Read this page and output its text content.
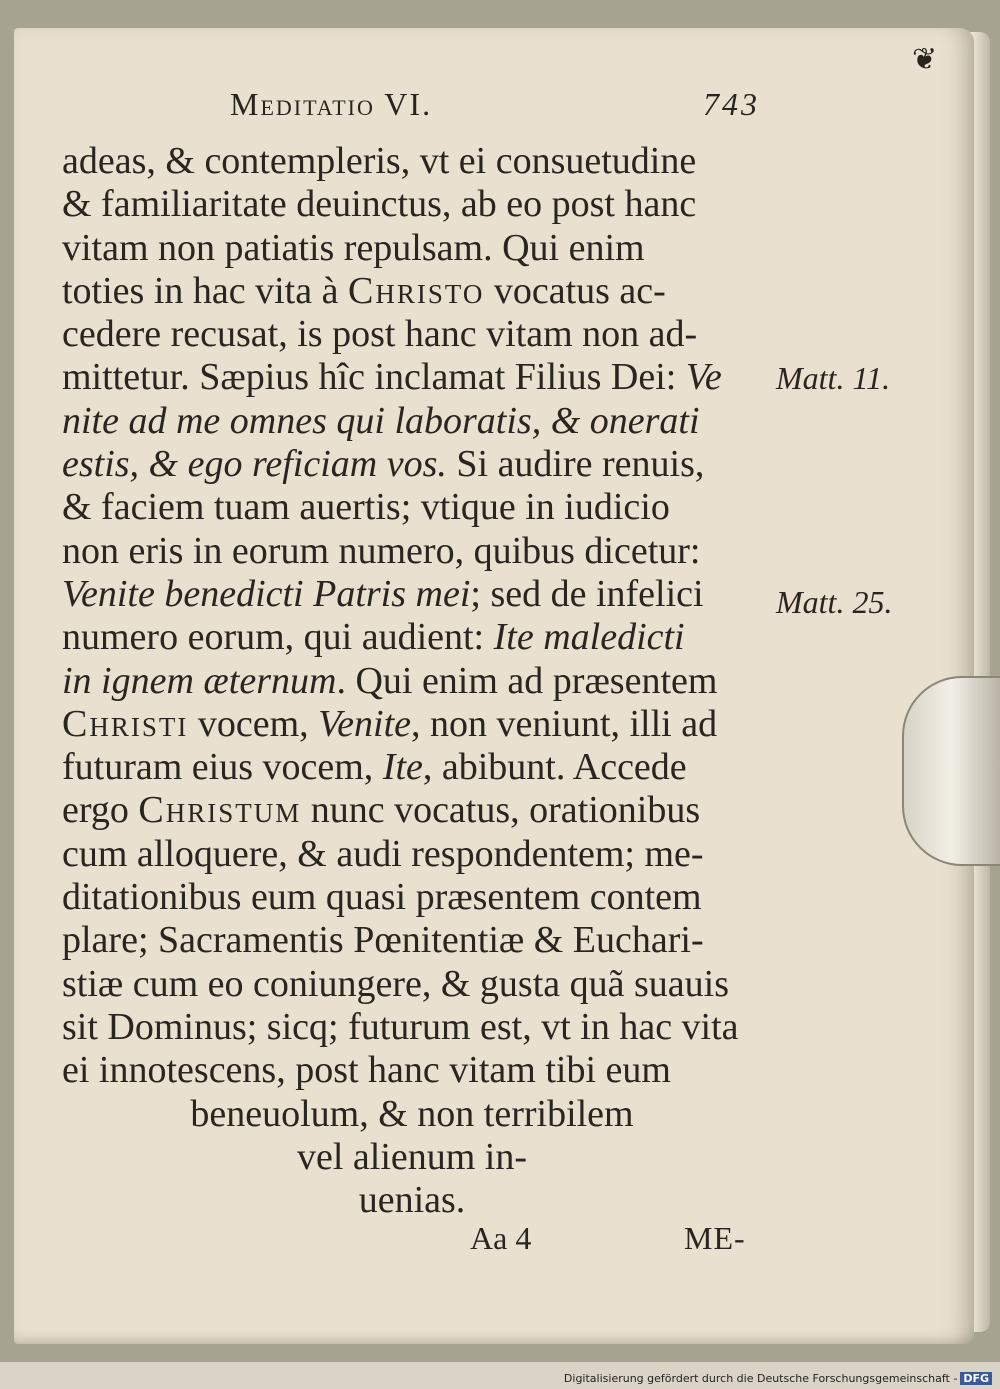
❦
Meditatio VI.	743
adeas, & contempleris, vt ei consuetudine
& familiaritate deuinctus, ab eo post hanc
vitam non patiatis repulsam. Qui enim
toties in hac vita à Christo vocatus ac-
cedere recusat, is post hanc vitam non ad-
mittetur. Sæpius hîc inclamat Filius Dei: Ve
nite ad me omnes qui laboratis, & onerati
estis, & ego reficiam vos. Si audire renuis,
& faciem tuam auertis; vtique in iudicio
non eris in eorum numero, quibus dicetur:
Venite benedicti Patris mei; sed de infelici
numero eorum, qui audient: Ite maledicti
in ignem æternum. Qui enim ad præsentem
Christi vocem, Venite, non veniunt, illi ad
futuram eius vocem, Ite, abibunt. Accede
ergo Christum nunc vocatus, orationibus
cum alloquere, & audi respondentem; me-
ditationibus eum quasi præsentem contem
plare; Sacramentis Pœnitentiæ & Euchari-
stiæ cum eo coniungere, & gusta quã suauis
sit Dominus; sicq; futurum est, vt in hac vita
ei innotescens, post hanc vitam tibi eum
beneuolum, & non terribilem
vel alienum in-
uenias.
Matt. 11.
Matt. 25.
Aa 4	ME-
Digitalisierung gefördert durch die Deutsche Forschungsgemeinschaft - DFG
